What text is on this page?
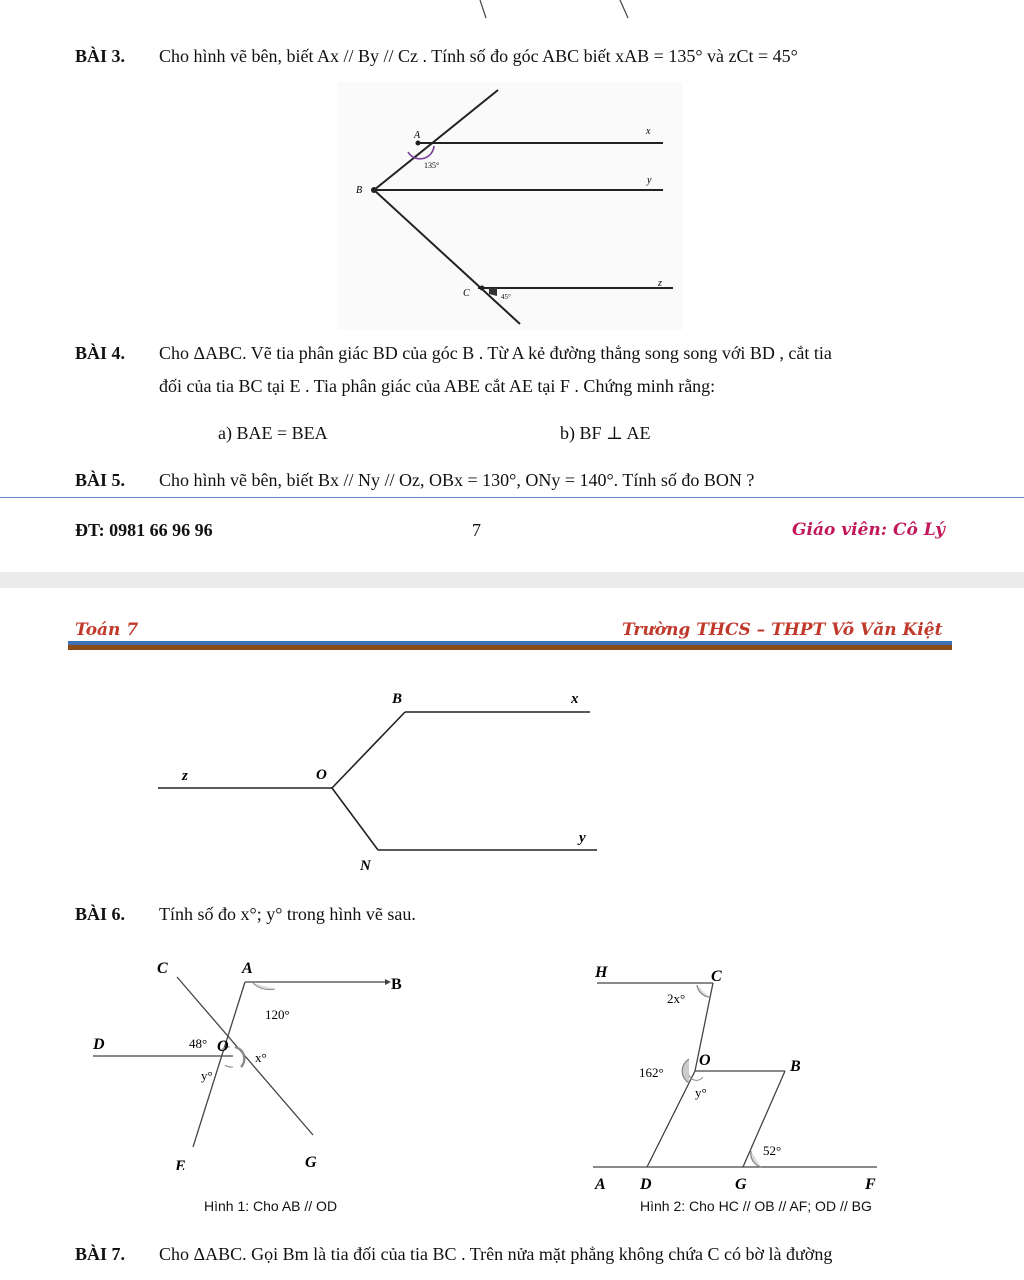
BÀI 3. Cho hình vẽ bên, biết Ax // By // Cz . Tính số đo góc ABC biết xAB = 135° và zCt = 45°
A
B
C
x
y
z
135°
45°
BÀI 4. Cho ΔABC. Vẽ tia phân giác BD của góc B . Từ A kẻ đường thẳng song song với BD , cắt tia
đối của tia BC tại E . Tia phân giác của ABE cắt AE tại F . Chứng minh rằng:
a) BAE = BEA	b) BF ⊥ AE
BÀI 5. Cho hình vẽ bên, biết Bx // Ny // Oz, OBx = 130°, ONy = 140°. Tính số đo BON ?
ĐT: 0981 66 96 96	7	Giáo viên: Cô Lý
Toán 7	Trường THCS – THPT Võ Văn Kiệt
B	x
z	O
y
N
BÀI 6. Tính số đo x°; y° trong hình vẽ sau.
C	A
B
D	O
E	G
120°
48°
x°
y°
Hình 1: Cho AB // OD
H	C
O	B
A D	G	F
2x°
162°
y°
52°
Hình 2: Cho HC // OB // AF; OD // BG
BÀI 7. Cho ΔABC. Gọi Bm là tia đối của tia BC . Trên nửa mặt phẳng không chứa C có bờ là đường
